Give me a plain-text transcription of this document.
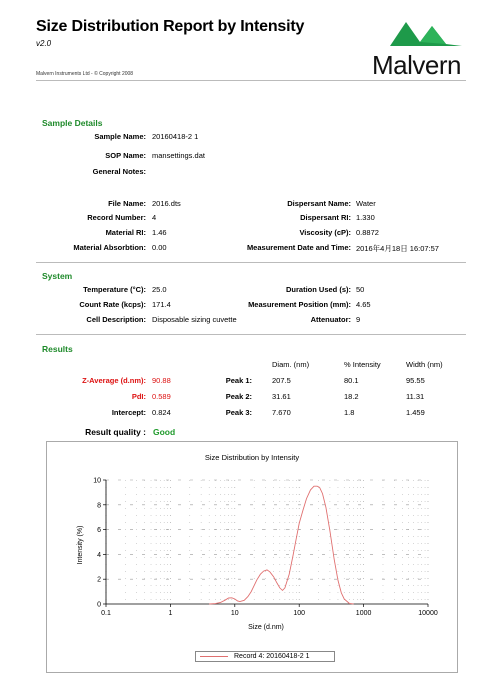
Size Distribution Report by Intensity
v2.0
Malvern Instruments Ltd - © Copyright 2008	Malvern
Sample Details
Sample Name: 20160418-2 1
SOP Name: mansettings.dat
General Notes:
File Name: 2016.dts
Record Number: 4
Material RI: 1.46
Material Absorbtion: 0.00
Dispersant Name: Water
Dispersant RI: 1.330
Viscosity (cP): 0.8872
Measurement Date and Time: 2016年4月18日 16:07:57
System
Temperature (°C): 25.0
Count Rate (kcps): 171.4
Cell Description: Disposable sizing cuvette
Duration Used (s): 50
Measurement Position (mm): 4.65
Attenuator: 9
Results
Diam. (nm)	% Intensity	Width (nm)
Z-Average (d.nm): 90.88
PdI: 0.589
Intercept: 0.824
Result quality : Good
Peak 1:	207.5	80.1	95.55
Peak 2:	31.61	18.2	11.31
Peak 3:	7.670	1.8	1.459
Size Distribution by Intensity
Size (d.nm)
Intensity (%)
0
2
4
6
8
10
0.1	1	10	100	1000	10000
Record 4: 20160418-2 1
